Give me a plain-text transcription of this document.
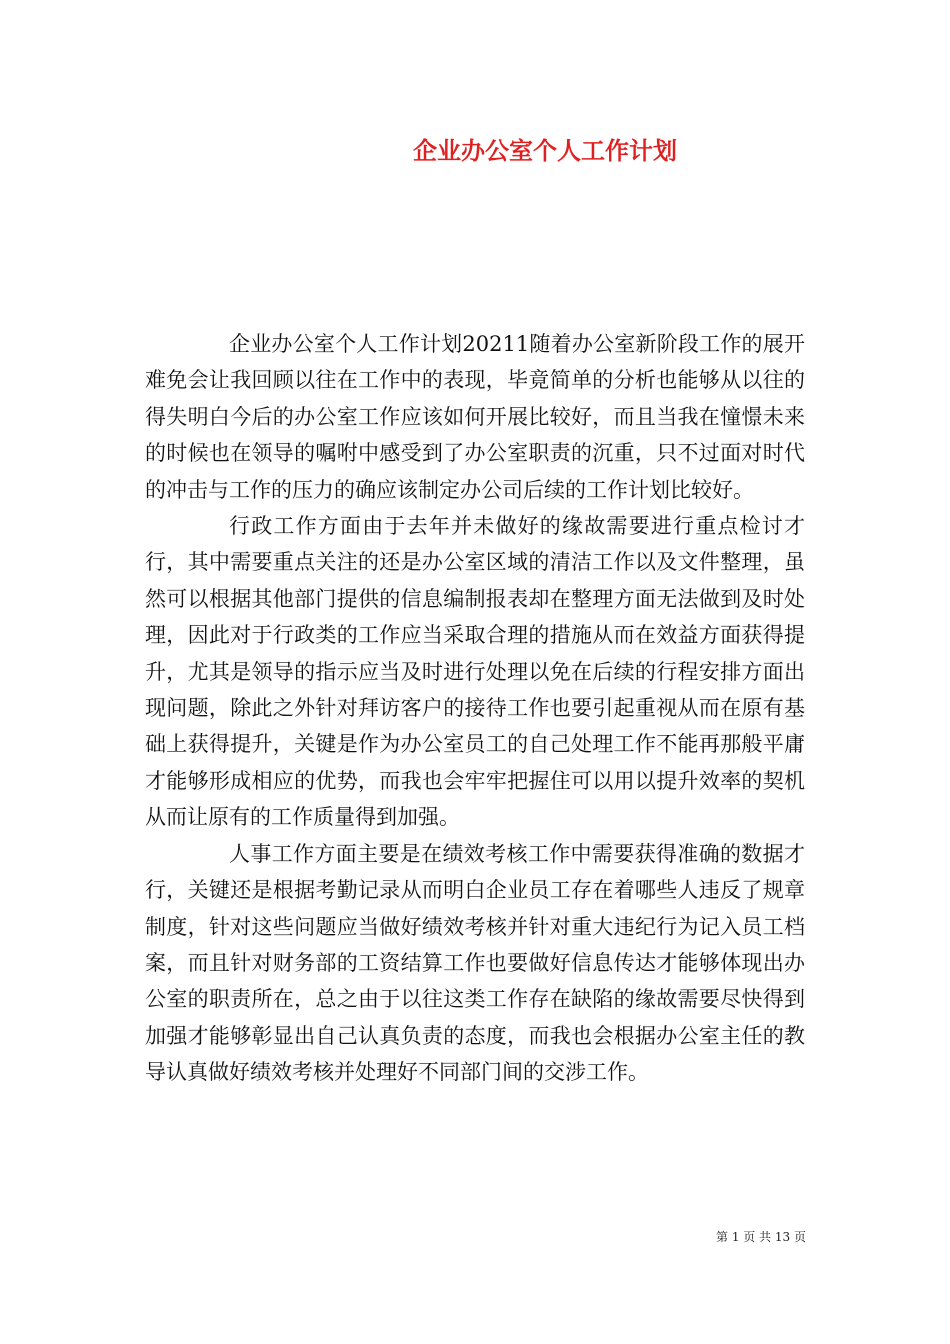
企业办公室个人工作计划

企业办公室个人工作计划20211随着办公室新阶段工作的展开难免会让我回顾以往在工作中的表现，毕竟简单的分析也能够从以往的得失明白今后的办公室工作应该如何开展比较好，而且当我在憧憬未来的时候也在领导的嘱咐中感受到了办公室职责的沉重，只不过面对时代的冲击与工作的压力的确应该制定办公司后续的工作计划比较好。

行政工作方面由于去年并未做好的缘故需要进行重点检讨才行，其中需要重点关注的还是办公室区域的清洁工作以及文件整理，虽然可以根据其他部门提供的信息编制报表却在整理方面无法做到及时处理，因此对于行政类的工作应当采取合理的措施从而在效益方面获得提升，尤其是领导的指示应当及时进行处理以免在后续的行程安排方面出现问题，除此之外针对拜访客户的接待工作也要引起重视从而在原有基础上获得提升，关键是作为办公室员工的自己处理工作不能再那般平庸才能够形成相应的优势，而我也会牢牢把握住可以用以提升效率的契机从而让原有的工作质量得到加强。

人事工作方面主要是在绩效考核工作中需要获得准确的数据才行，关键还是根据考勤记录从而明白企业员工存在着哪些人违反了规章制度，针对这些问题应当做好绩效考核并针对重大违纪行为记入员工档案，而且针对财务部的工资结算工作也要做好信息传达才能够体现出办公室的职责所在，总之由于以往这类工作存在缺陷的缘故需要尽快得到加强才能够彰显出自己认真负责的态度，而我也会根据办公室主任的教导认真做好绩效考核并处理好不同部门间的交涉工作。

第 1 页 共 13 页
